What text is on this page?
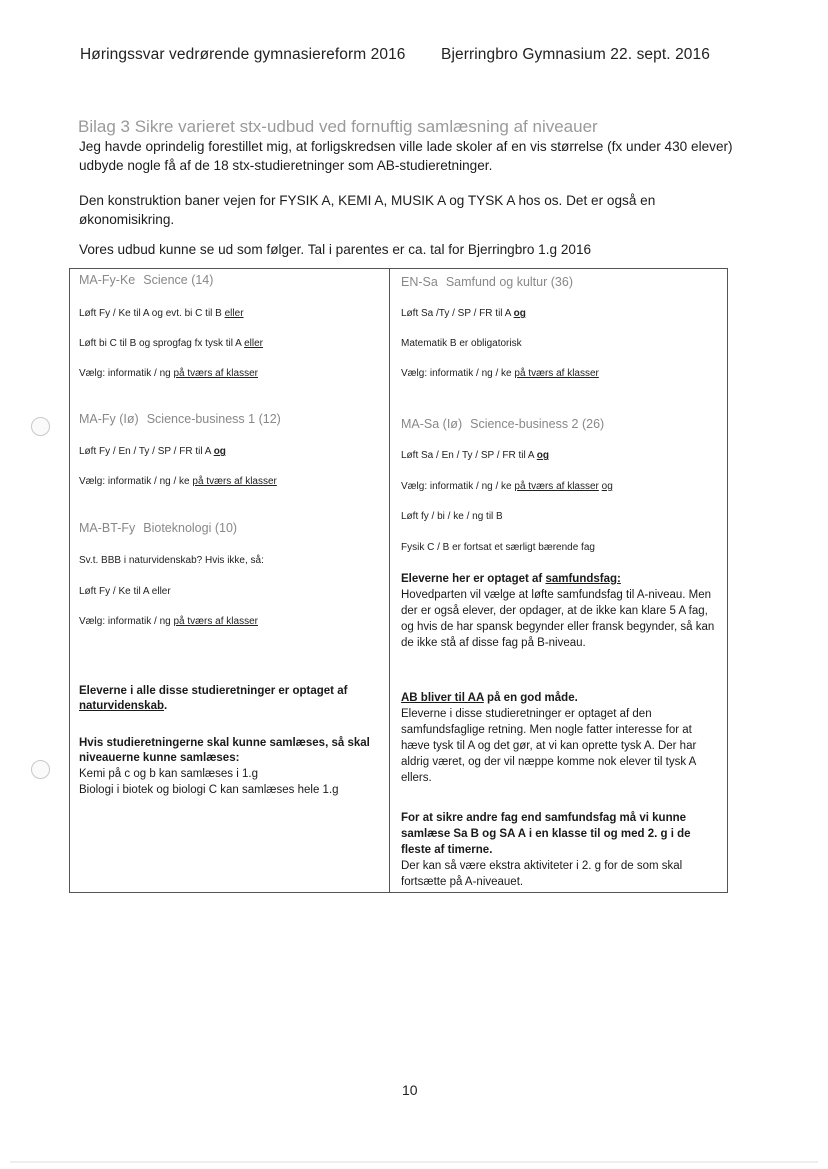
Høringssvar vedrørende gymnasiereform 2016 Bjerringbro Gymnasium 22. sept. 2016
Bilag 3 Sikre varieret stx-udbud ved fornuftig samlæsning af niveauer
Jeg havde oprindelig forestillet mig, at forligskredsen ville lade skoler af en vis størrelse (fx under 430 elever) udbyde nogle få af de 18 stx-studieretninger som AB-studieretninger.
Den konstruktion baner vejen for FYSIK A, KEMI A, MUSIK A og TYSK A hos os. Det er også en økonomisikring.
Vores udbud kunne se ud som følger. Tal i parentes er ca. tal for Bjerringbro 1.g 2016
MA-Fy-Ke Science (14)
Løft Fy / Ke til A og evt. bi C til B eller
Løft bi C til B og sprogfag fx tysk til A eller
Vælg: informatik / ng på tværs af klasser
MA-Fy (Iø) Science-business 1 (12)
Løft Fy / En / Ty / SP / FR til A og
Vælg: informatik / ng / ke på tværs af klasser
MA-BT-Fy Bioteknologi (10)
Sv.t. BBB i naturvidenskab? Hvis ikke, så:
Løft Fy / Ke til A eller
Vælg: informatik / ng på tværs af klasser
Eleverne i alle disse studieretninger er optaget af naturvidenskab.
Hvis studieretningerne skal kunne samlæses, så skal niveauerne kunne samlæses:
Kemi på c og b kan samlæses i 1.g
Biologi i biotek og biologi C kan samlæses hele 1.g
EN-Sa Samfund og kultur (36)
Løft Sa /Ty / SP / FR til A og
Matematik B er obligatorisk
Vælg: informatik / ng / ke på tværs af klasser
MA-Sa (Iø) Science-business 2 (26)
Løft Sa / En / Ty / SP / FR til A og
Vælg: informatik / ng / ke på tværs af klasser og
Løft fy / bi / ke / ng til B
Fysik C / B er fortsat et særligt bærende fag
Eleverne her er optaget af samfundsfag:
Hovedparten vil vælge at løfte samfundsfag til A-niveau. Men der er også elever, der opdager, at de ikke kan klare 5 A fag, og hvis de har spansk begynder eller fransk begynder, så kan de ikke stå af disse fag på B-niveau.
AB bliver til AA på en god måde.
Eleverne i disse studieretninger er optaget af den samfundsfaglige retning. Men nogle fatter interesse for at hæve tysk til A og det gør, at vi kan oprette tysk A. Der har aldrig været, og der vil næppe komme nok elever til tysk A ellers.
For at sikre andre fag end samfundsfag må vi kunne samlæse Sa B og SA A i en klasse til og med 2. g i de fleste af timerne.
Der kan så være ekstra aktiviteter i 2. g for de som skal fortsætte på A-niveauet.
10
